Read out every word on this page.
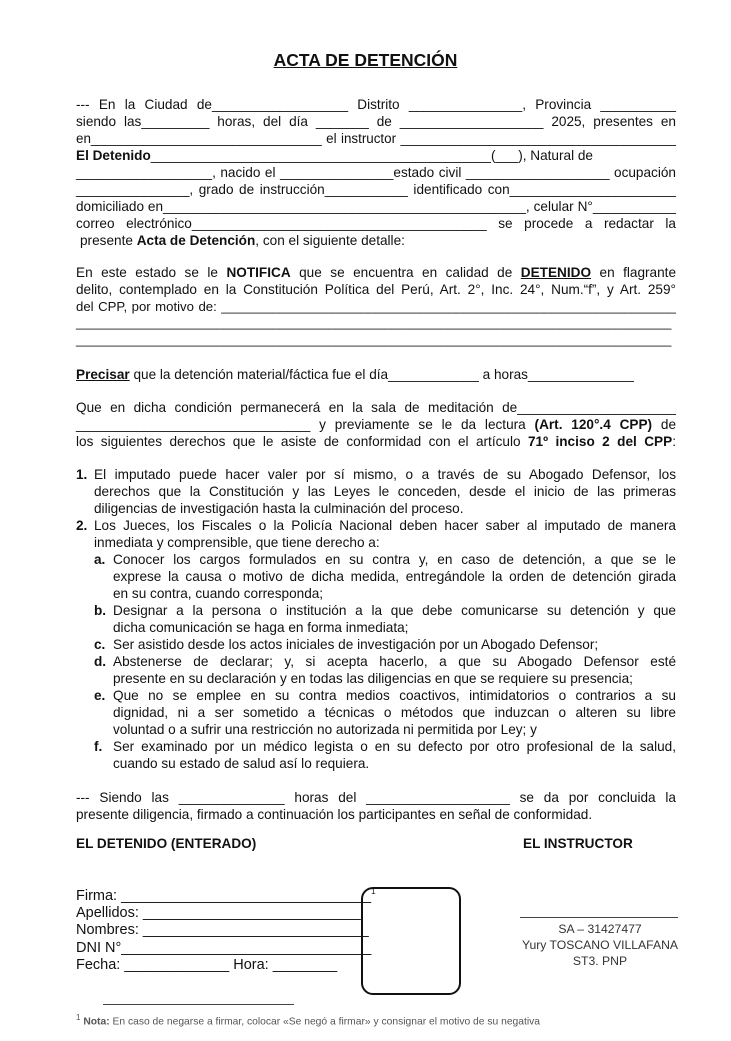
ACTA DE DETENCIÓN
--- En la Ciudad de__________________ Distrito _______________, Provincia __________
siendo las_________ horas, del día _______ de ___________________ 2025, presentes en
en_______________________________ el instructor _____________________________________
El Detenido_____________________________________________(___), Natural de
__________________, nacido el _______________estado civil ___________________ ocupación
_______________, grado de instrucción___________ identificado con______________________
domiciliado en________________________________________________, celular N°___________
correo electrónico_______________________________________ se procede a redactar la
presente Acta de Detención, con el siguiente detalle:
En este estado se le NOTIFICA que se encuentra en calidad de DETENIDO en flagrante
delito, contemplado en la Constitución Política del Perú, Art. 2°, Inc. 24°, Num.“f”, y Art. 259°
del CPP, por motivo de: ______________________________________________________________
_____________________________________________________________________________________
_____________________________________________________________________________________
Precisar que la detención material/fáctica fue el día____________ a horas______________
Que en dicha condición permanecerá en la sala de meditación de_____________________
_______________________________ y previamente se le da lectura (Art. 120°.4 CPP) de
los siguientes derechos que le asiste de conformidad con el artículo 71º inciso 2 del CPP:
1. El imputado puede hacer valer por sí mismo, o a través de su Abogado Defensor, los
derechos que la Constitución y las Leyes le conceden, desde el inicio de las primeras
diligencias de investigación hasta la culminación del proceso.
2. Los Jueces, los Fiscales o la Policía Nacional deben hacer saber al imputado de manera
inmediata y comprensible, que tiene derecho a:
a. Conocer los cargos formulados en su contra y, en caso de detención, a que se le
exprese la causa o motivo de dicha medida, entregándole la orden de detención girada
en su contra, cuando corresponda;
b. Designar a la persona o institución a la que debe comunicarse su detención y que
dicha comunicación se haga en forma inmediata;
c. Ser asistido desde los actos iniciales de investigación por un Abogado Defensor;
d. Abstenerse de declarar; y, si acepta hacerlo, a que su Abogado Defensor esté
presente en su declaración y en todas las diligencias en que se requiere su presencia;
e. Que no se emplee en su contra medios coactivos, intimidatorios o contrarios a su
dignidad, ni a ser sometido a técnicas o métodos que induzcan o alteren su libre
voluntad o a sufrir una restricción no autorizada ni permitida por Ley; y
f. Ser examinado por un médico legista o en su defecto por otro profesional de la salud,
cuando su estado de salud así lo requiera.
--- Siendo las ______________ horas del ___________________ se da por concluida la
presente diligencia, firmado a continuación los participantes en señal de conformidad.
EL DETENIDO (ENTERADO)	EL INSTRUCTOR
Firma: _______________________________$^1$
Apellidos: ___________________________
Nombres: ____________________________
DNI N°_______________________________
Fecha: _____________ Hora: ________
SA – 31427477
Yury TOSCANO VILLAFANA
ST3. PNP
$^1$ Nota: En caso de negarse a firmar, colocar «Se negó a firmar» y consignar el motivo de su negativa
